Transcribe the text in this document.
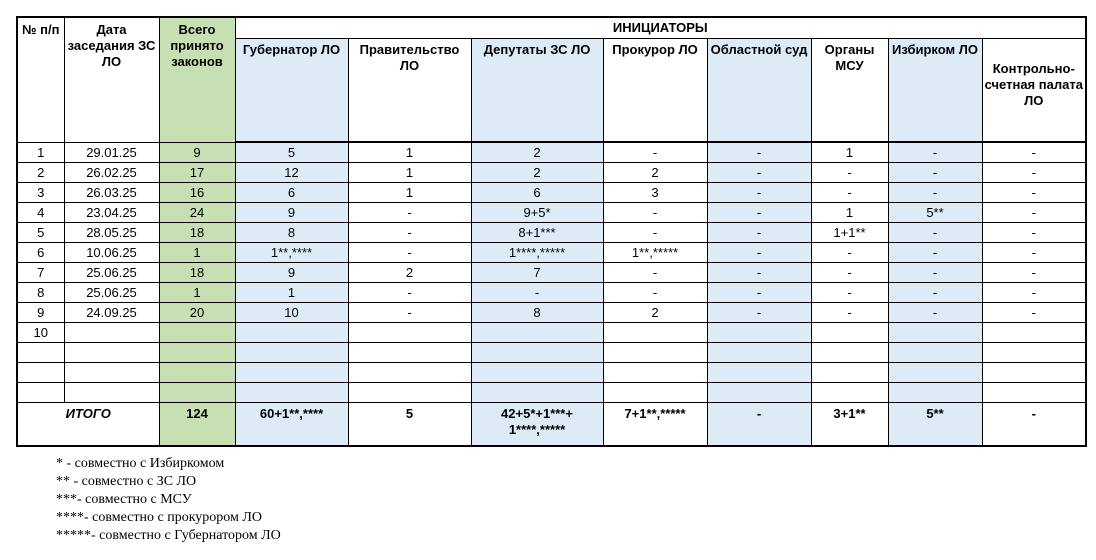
№ п/п	Дата заседания ЗС ЛО	Всего принято законов	ИНИЦИАТОРЫ							
			Губернатор ЛО	Правительство ЛО	Депутаты ЗС ЛО	Прокурор ЛО	Областной суд	Органы МСУ	Избирком ЛО	Контрольно-счетная палата ЛО

1	29.01.25	9	5	1	2	-	-	1	-	-
2	26.02.25	17	12	1	2	2	-	-	-	-
3	26.03.25	16	6	1	6	3	-	-	-	-
4	23.04.25	24	9	-	9+5*	-	-	1	5**	-
5	28.05.25	18	8	-	8+1***	-	-	1+1**	-	-
6	10.06.25	1	1**,****	-	1****,*****	1**,*****	-	-	-	-
7	25.06.25	18	9	2	7	-	-	-	-	-
8	25.06.25	1	1	-	-	-	-	-	-	-
9	24.09.25	20	10	-	8	2	-	-	-	-
10										

ИТОГО		124	60+1**,****	5	42+5*+1***+ 1****,*****	7+1**,*****	-	3+1**	5**	-
* - совместно с Избиркомом
** - совместно с ЗС ЛО
***- совместно с МСУ
****- совместно с прокурором ЛО
*****- совместно с Губернатором ЛО
